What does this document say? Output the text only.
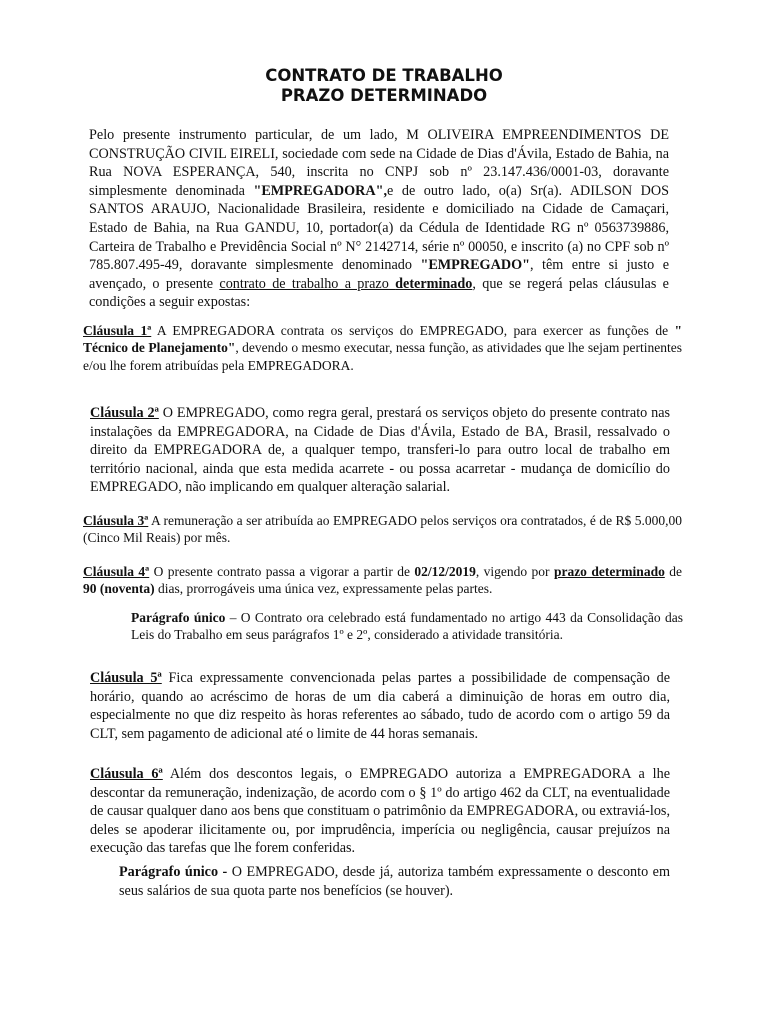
CONTRATO DE TRABALHO
PRAZO DETERMINADO

Pelo presente instrumento particular, de um lado, M OLIVEIRA EMPREENDIMENTOS DE CONSTRUÇÃO CIVIL EIRELI, sociedade com sede na Cidade de Dias d'Ávila, Estado de Bahia, na Rua NOVA ESPERANÇA, 540, inscrita no CNPJ sob nº 23.147.436/0001-03, doravante simplesmente denominada "EMPREGADORA",e de outro lado, o(a) Sr(a). ADILSON DOS SANTOS ARAUJO, Nacionalidade Brasileira, residente e domiciliado na Cidade de Camaçari, Estado de Bahia, na Rua GANDU, 10, portador(a) da Cédula de Identidade RG nº 0563739886, Carteira de Trabalho e Previdência Social nº N° 2142714, série nº 00050, e inscrito (a) no CPF sob nº 785.807.495-49, doravante simplesmente denominado "EMPREGADO", têm entre si justo e avençado, o presente contrato de trabalho a prazo determinado, que se regerá pelas cláusulas e condições a seguir expostas:

Cláusula 1ª A EMPREGADORA contrata os serviços do EMPREGADO, para exercer as funções de " Técnico de Planejamento", devendo o mesmo executar, nessa função, as atividades que lhe sejam pertinentes e/ou lhe forem atribuídas pela EMPREGADORA.

Cláusula 2ª O EMPREGADO, como regra geral, prestará os serviços objeto do presente contrato nas instalações da EMPREGADORA, na Cidade de Dias d'Ávila, Estado de BA, Brasil, ressalvado o direito da EMPREGADORA de, a qualquer tempo, transferi-lo para outro local de trabalho em território nacional, ainda que esta medida acarrete - ou possa acarretar - mudança de domicílio do EMPREGADO, não implicando em qualquer alteração salarial.

Cláusula 3ª A remuneração a ser atribuída ao EMPREGADO pelos serviços ora contratados, é de R$ 5.000,00 (Cinco Mil Reais) por mês.

Cláusula 4ª O presente contrato passa a vigorar a partir de 02/12/2019, vigendo por prazo determinado de 90 (noventa) dias, prorrogáveis uma única vez, expressamente pelas partes.

Parágrafo único – O Contrato ora celebrado está fundamentado no artigo 443 da Consolidação das Leis do Trabalho em seus parágrafos 1º e 2º, considerado a atividade transitória.

Cláusula 5ª Fica expressamente convencionada pelas partes a possibilidade de compensação de horário, quando ao acréscimo de horas de um dia caberá a diminuição de horas em outro dia, especialmente no que diz respeito às horas referentes ao sábado, tudo de acordo com o artigo 59 da CLT, sem pagamento de adicional até o limite de 44 horas semanais.

Cláusula 6ª Além dos descontos legais, o EMPREGADO autoriza a EMPREGADORA a lhe descontar da remuneração, indenização, de acordo com o § 1º do artigo 462 da CLT, na eventualidade de causar qualquer dano aos bens que constituam o patrimônio da EMPREGADORA, ou extraviá-los, deles se apoderar ilicitamente ou, por imprudência, imperícia ou negligência, causar prejuízos na execução das tarefas que lhe forem conferidas.

Parágrafo único - O EMPREGADO, desde já, autoriza também expressamente o desconto em seus salários de sua quota parte nos benefícios (se houver).
